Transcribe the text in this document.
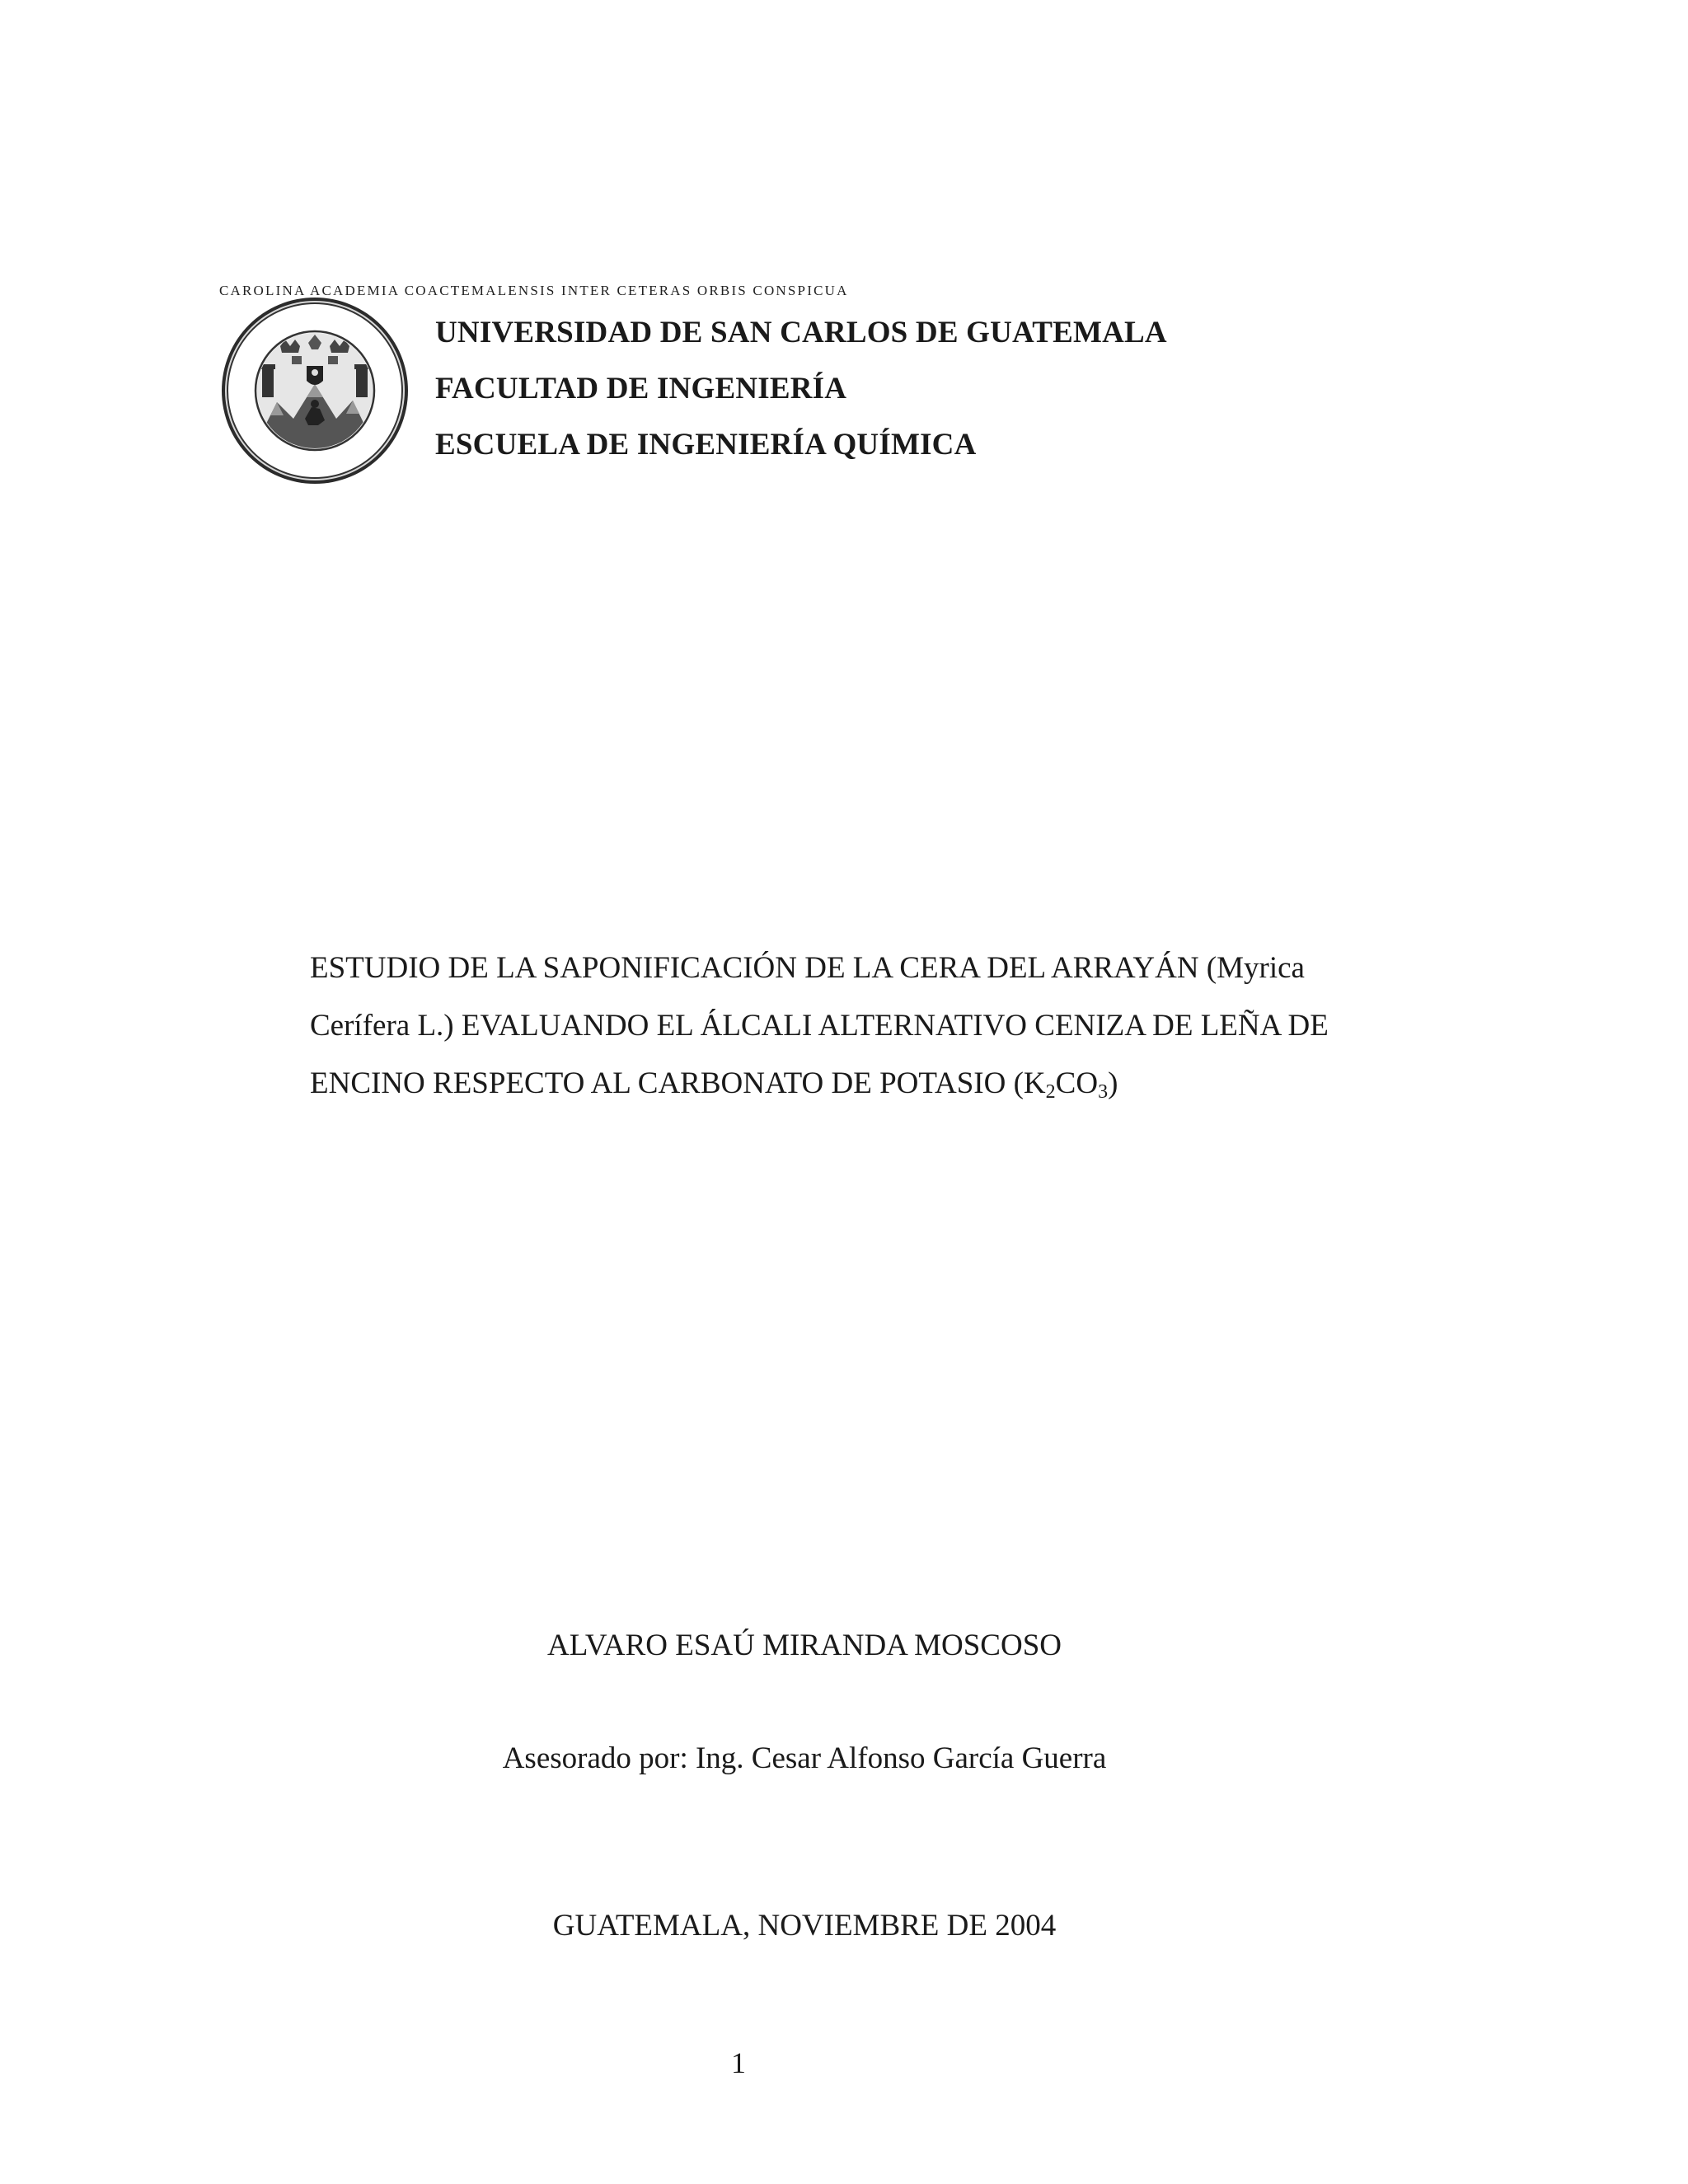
CAROLINA ACADEMIA COACTEMALENSIS INTER CETERAS ORBIS CONSPICUA
UNIVERSIDAD DE SAN CARLOS DE GUATEMALA
FACULTAD DE INGENIERÍA
ESCUELA DE INGENIERÍA QUÍMICA
ESTUDIO DE LA SAPONIFICACIÓN DE LA CERA DEL ARRAYÁN (Myrica
Cerífera L.) EVALUANDO EL ÁLCALI ALTERNATIVO CENIZA DE LEÑA DE
ENCINO RESPECTO AL CARBONATO DE POTASIO $(K_2CO_3)$
ALVARO ESAÚ MIRANDA MOSCOSO
Asesorado por: Ing. Cesar Alfonso García Guerra
GUATEMALA, NOVIEMBRE DE 2004
1
